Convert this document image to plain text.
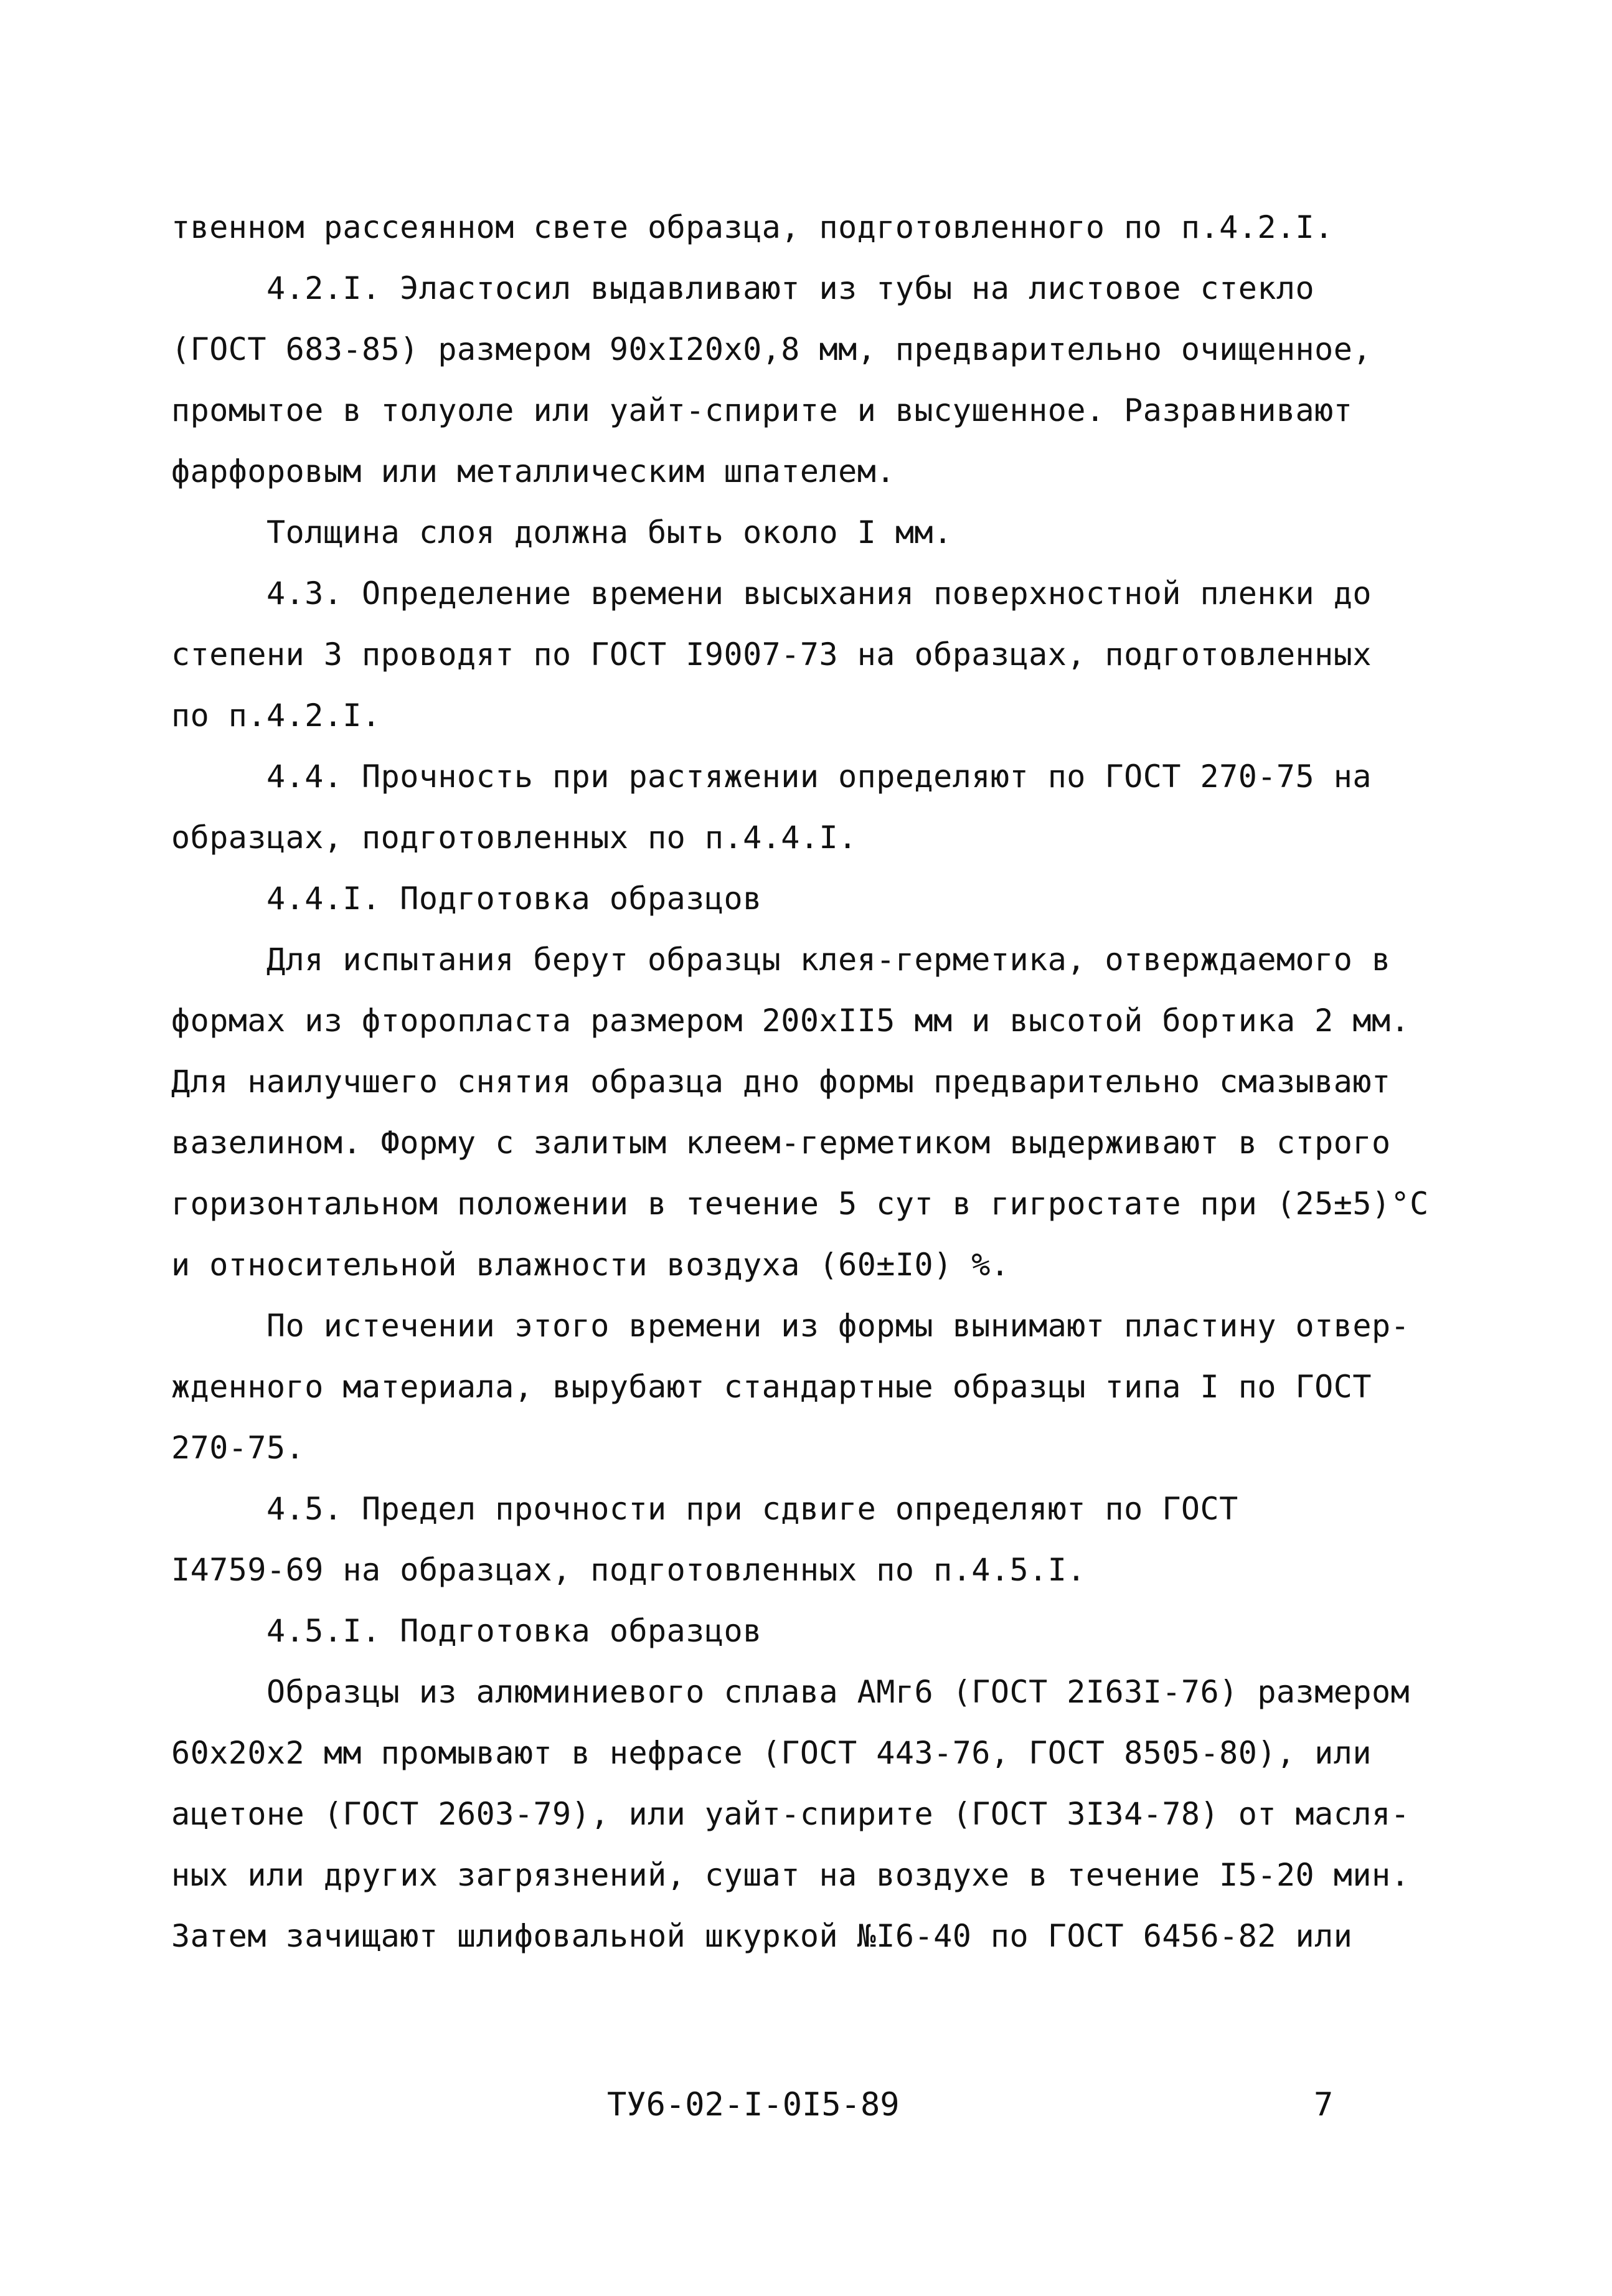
твенном рассеянном свете образца, подготовленного по п.4.2.I.
4.2.I. Эластосил выдавливают из тубы на листовое стекло
(ГОСТ 683-85) размером 90хI20х0,8 мм, предварительно очищенное,
промытое в толуоле или уайт-спирите и высушенное. Разравнивают
фарфоровым или металлическим шпателем.
Толщина слоя должна быть около I мм.
4.3. Определение времени высыхания поверхностной пленки до
степени 3 проводят по ГОСТ I9007-73 на образцах, подготовленных
по п.4.2.I.
4.4. Прочность при растяжении определяют по ГОСТ 270-75 на
образцах, подготовленных по п.4.4.I.
4.4.I. Подготовка образцов
Для испытания берут образцы клея-герметика, отверждаемого в
формах из фторопласта размером 200хII5 мм и высотой бортика 2 мм.
Для наилучшего снятия образца дно формы предварительно смазывают
вазелином. Форму с залитым клеем-герметиком выдерживают в строго
горизонтальном положении в течение 5 сут в гигростате при (25±5)°С
и относительной влажности воздуха (60±I0) %.
По истечении этого времени из формы вынимают пластину отвер-
жденного материала, вырубают стандартные образцы типа I по ГОСТ
270-75.
4.5. Предел прочности при сдвиге определяют по ГОСТ
I4759-69 на образцах, подготовленных по п.4.5.I.
4.5.I. Подготовка образцов
Образцы из алюминиевого сплава АМг6 (ГОСТ 2I63I-76) размером
60х20х2 мм промывают в нефрасе (ГОСТ 443-76, ГОСТ 8505-80), или
ацетоне (ГОСТ 2603-79), или уайт-спирите (ГОСТ 3I34-78) от масля-
ных или других загрязнений, сушат на воздухе в течение I5-20 мин.
Затем зачищают шлифовальной шкуркой №I6-40 по ГОСТ 6456-82 или
ТУ6-02-I-0I5-89	7
